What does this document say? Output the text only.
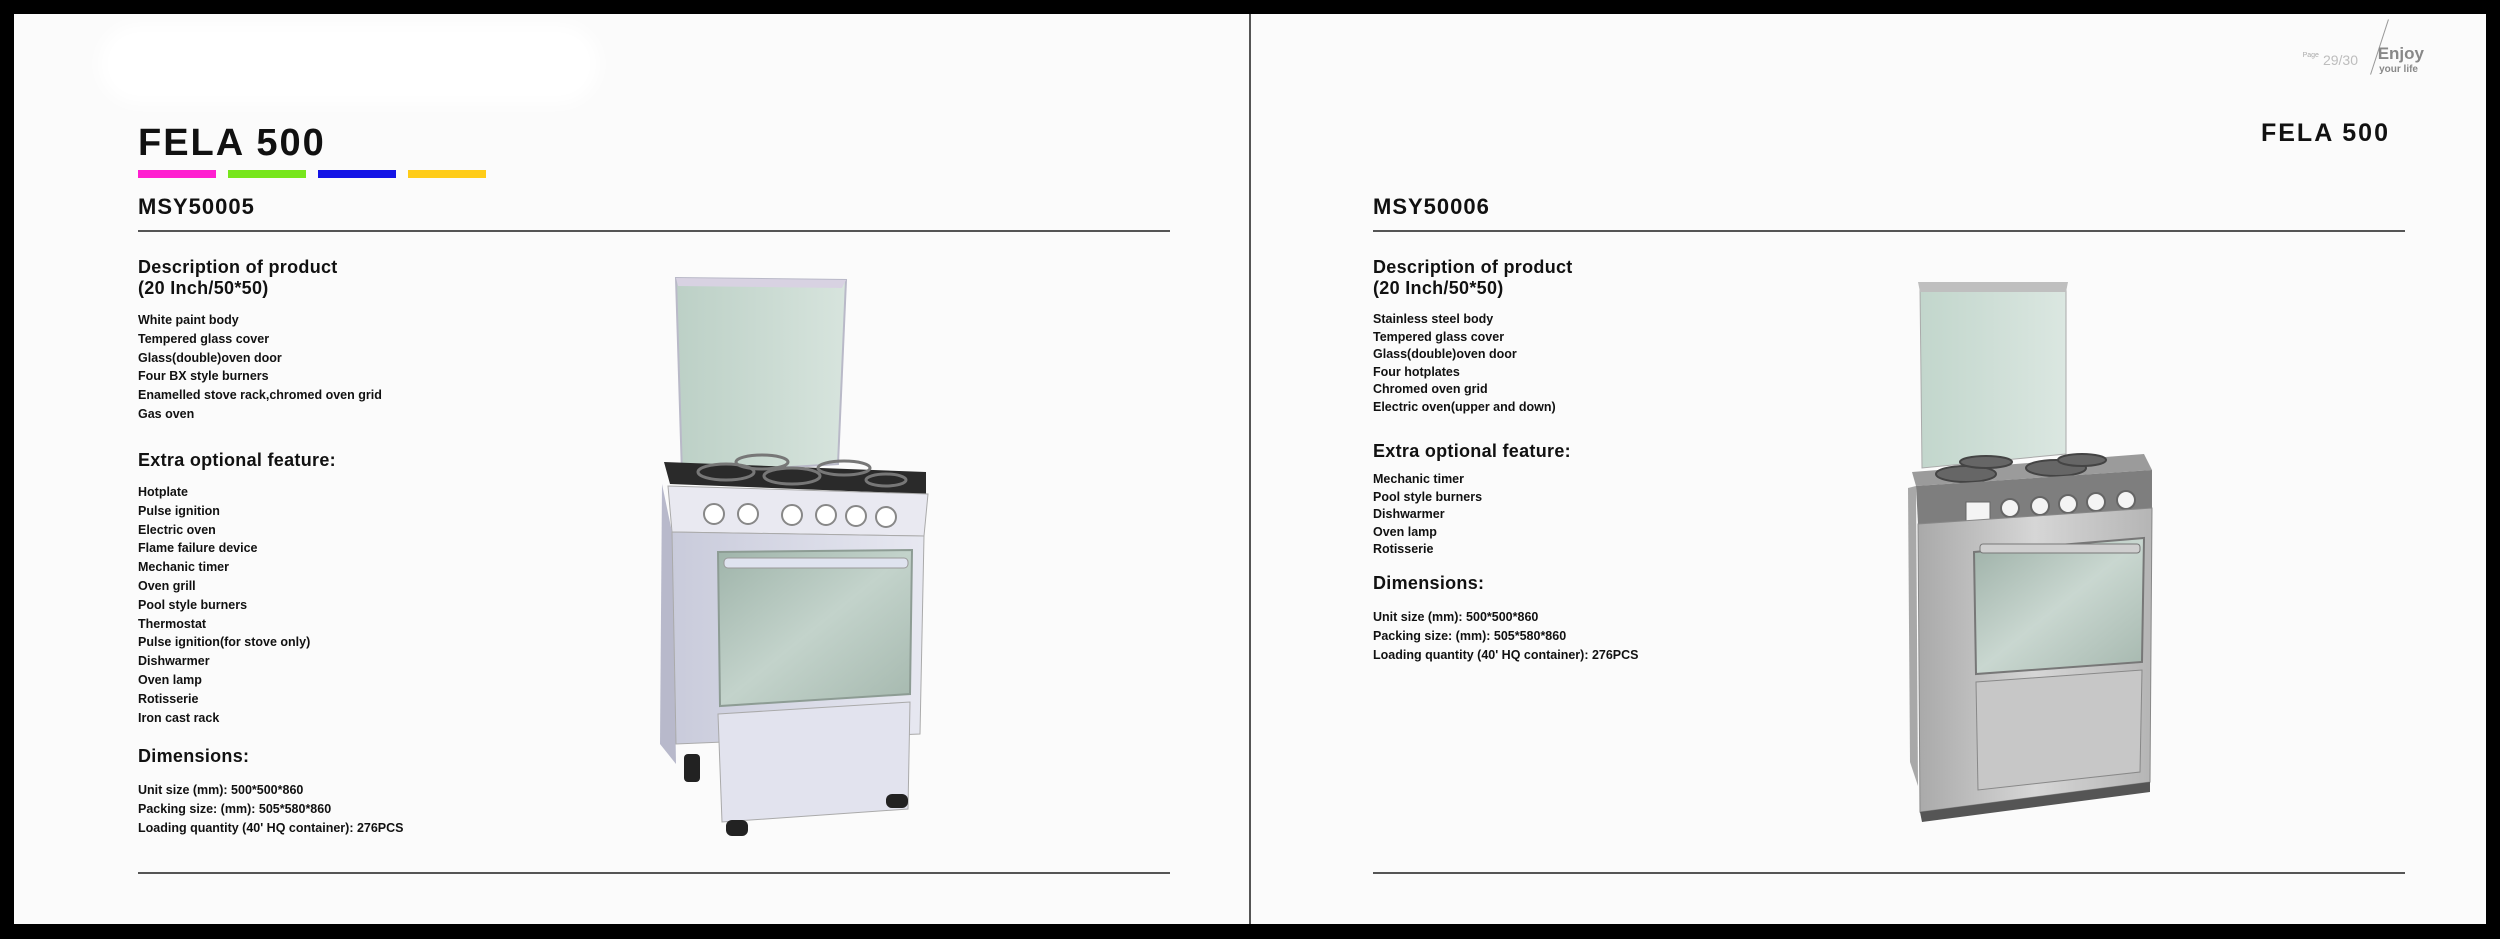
FELA 500
MSY50005
Description of product
(20 Inch/50*50)
White paint body
Tempered glass cover
Glass(double)oven door
Four BX style burners
Enamelled stove rack,chromed oven grid
Gas oven
Extra optional feature:
Hotplate
Pulse ignition
Electric oven
Flame failure device
Mechanic timer
Oven grill
Pool style burners
Thermostat
Pulse ignition(for stove only)
Dishwarmer
Oven lamp
Rotisserie
Iron cast rack
Dimensions:
Unit size (mm): 500*500*860
Packing size: (mm): 505*580*860
Loading quantity (40' HQ container): 276PCS
$^{Page}$ 29/30 Enjoy
your life
FELA 500
MSY50006
Description of product
(20 Inch/50*50)
Stainless steel body
Tempered glass cover
Glass(double)oven door
Four hotplates
Chromed oven grid
Electric oven(upper and down)
Extra optional feature:
Mechanic timer
Pool style burners
Dishwarmer
Oven lamp
Rotisserie
Dimensions:
Unit size (mm): 500*500*860
Packing size: (mm): 505*580*860
Loading quantity (40' HQ container): 276PCS
